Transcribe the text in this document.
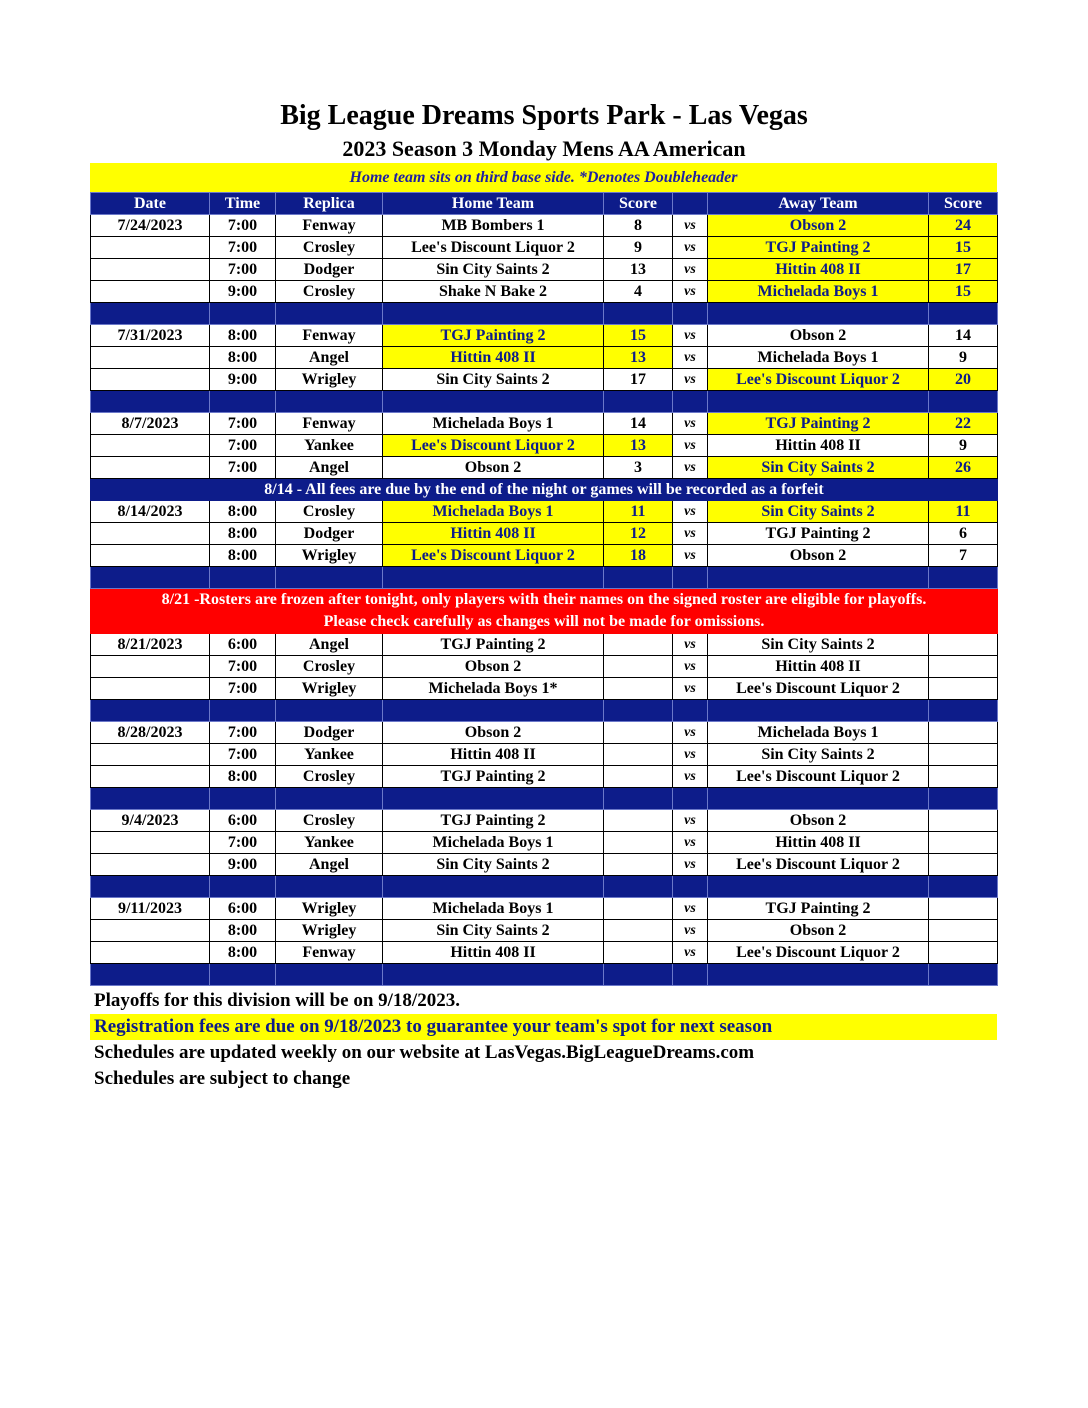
Big League Dreams Sports Park - Las Vegas
2023 Season 3 Monday Mens AA American
Home team sits on third base side. *Denotes Doubleheader
Date	Time	Replica	Home Team	Score		Away Team	Score
7/24/2023	7:00	Fenway	MB Bombers 1	8	vs	Obson 2	24
	7:00	Crosley	Lee's Discount Liquor 2	9	vs	TGJ Painting 2	15
	7:00	Dodger	Sin City Saints 2	13	vs	Hittin 408 II	17
	9:00	Crosley	Shake N Bake 2	4	vs	Michelada Boys 1	15

7/31/2023	8:00	Fenway	TGJ Painting 2	15	vs	Obson 2	14
	8:00	Angel	Hittin 408 II	13	vs	Michelada Boys 1	9
	9:00	Wrigley	Sin City Saints 2	17	vs	Lee's Discount Liquor 2	20

8/7/2023	7:00	Fenway	Michelada Boys 1	14	vs	TGJ Painting 2	22
	7:00	Yankee	Lee's Discount Liquor 2	13	vs	Hittin 408 II	9
	7:00	Angel	Obson 2	3	vs	Sin City Saints 2	26
8/14 - All fees are due by the end of the night or games will be recorded as a forfeit							
8/14/2023	8:00	Crosley	Michelada Boys 1	11	vs	Sin City Saints 2	11
	8:00	Dodger	Hittin 408 II	12	vs	TGJ Painting 2	6
	8:00	Wrigley	Lee's Discount Liquor 2	18	vs	Obson 2	7

8/21 -Rosters are frozen after tonight, only players with their names on the signed roster are eligible for playoffs.
Please check carefully as changes will not be made for omissions.							

8/21/2023	6:00	Angel	TGJ Painting 2		vs	Sin City Saints 2	
	7:00	Crosley	Obson 2		vs	Hittin 408 II	
	7:00	Wrigley	Michelada Boys 1*		vs	Lee's Discount Liquor 2	

8/28/2023	7:00	Dodger	Obson 2		vs	Michelada Boys 1	
	7:00	Yankee	Hittin 408 II		vs	Sin City Saints 2	
	8:00	Crosley	TGJ Painting 2		vs	Lee's Discount Liquor 2	

9/4/2023	6:00	Crosley	TGJ Painting 2		vs	Obson 2	
	7:00	Yankee	Michelada Boys 1		vs	Hittin 408 II	
	9:00	Angel	Sin City Saints 2		vs	Lee's Discount Liquor 2	

9/11/2023	6:00	Wrigley	Michelada Boys 1		vs	TGJ Painting 2	
	8:00	Wrigley	Sin City Saints 2		vs	Obson 2	
	8:00	Fenway	Hittin 408 II		vs	Lee's Discount Liquor 2	

Playoffs for this division will be on 9/18/2023.
Registration fees are due on 9/18/2023 to guarantee your team's spot for next season
Schedules are updated weekly on our website at LasVegas.BigLeagueDreams.com
Schedules are subject to change
